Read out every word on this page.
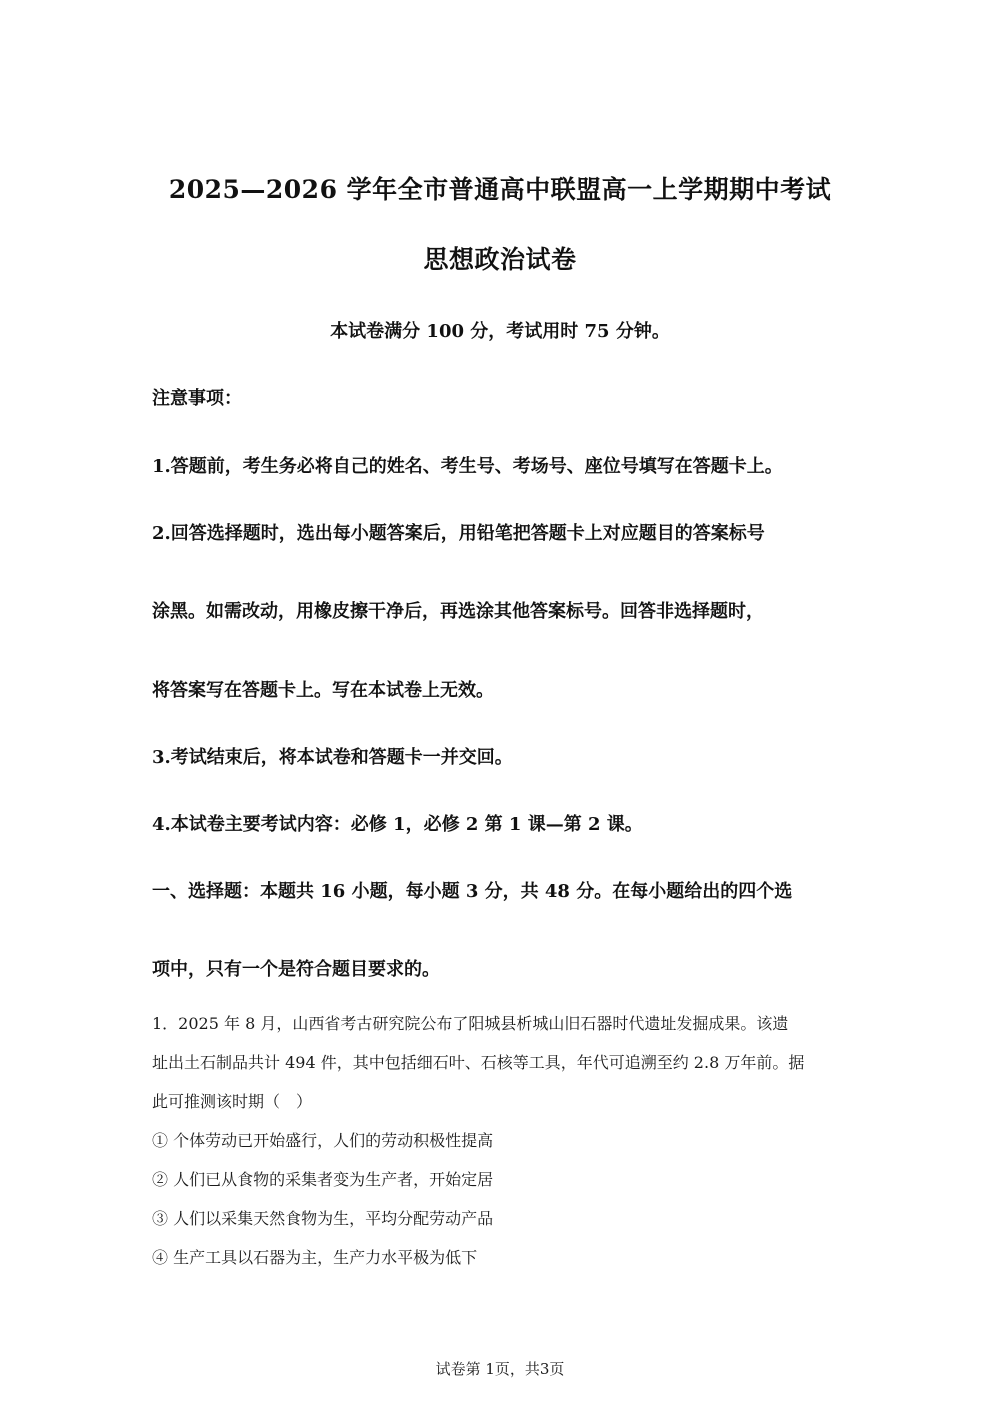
2025—2026 学年全市普通高中联盟高一上学期期中考试
思想政治试卷
本试卷满分 100 分，考试用时 75 分钟。
注意事项：
1.答题前，考生务必将自己的姓名、考生号、考场号、座位号填写在答题卡上。
2.回答选择题时，选出每小题答案后，用铅笔把答题卡上对应题目的答案标号
涂黑。如需改动，用橡皮擦干净后，再选涂其他答案标号。回答非选择题时，
将答案写在答题卡上。写在本试卷上无效。
3.考试结束后，将本试卷和答题卡一并交回。
4.本试卷主要考试内容：必修 1，必修 2 第 1 课—第 2 课。
一、选择题：本题共 16 小题，每小题 3 分，共 48 分。在每小题给出的四个选
项中，只有一个是符合题目要求的。
1．2025 年 8 月，山西省考古研究院公布了阳城县析城山旧石器时代遗址发掘成果。该遗
址出土石制品共计 494 件，其中包括细石叶、石核等工具，年代可追溯至约 2.8 万年前。据
此可推测该时期（　）
① 个体劳动已开始盛行，人们的劳动积极性提高
② 人们已从食物的采集者变为生产者，开始定居
③ 人们以采集天然食物为生，平均分配劳动产品
④ 生产工具以石器为主，生产力水平极为低下
试卷第 1页，共3页
